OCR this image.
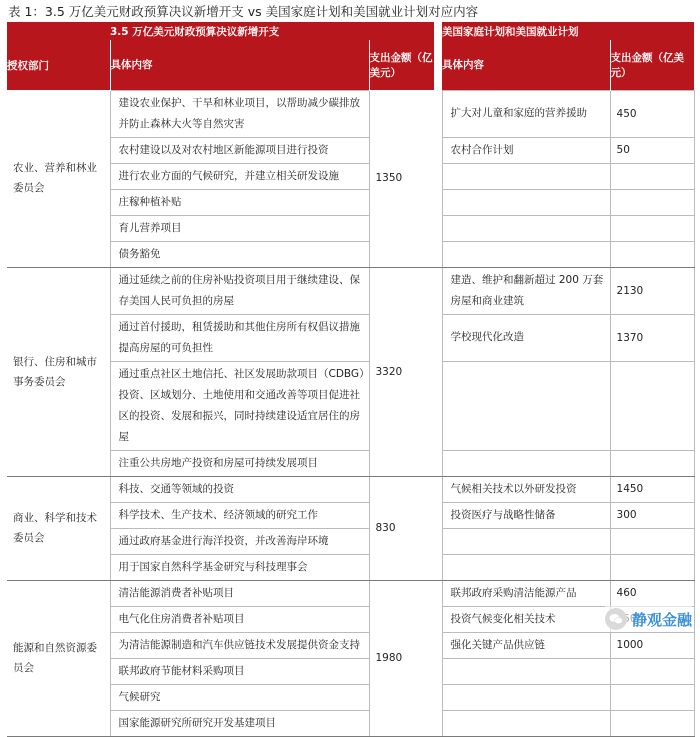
表 1：3.5 万亿美元财政预算决议新增开支 vs 美国家庭计划和美国就业计划对应内容
	3.5 万亿美元财政预算决议新增开支			美国家庭计划和美国就业计划	
授权部门	具体内容	支出金额（亿美元）		具体内容	支出金额（亿美元）
农业、营养和林业委员会	建设农业保护、干旱和林业项目，以帮助减少碳排放并防止森林大火等自然灾害	1350		扩大对儿童和家庭的营养援助	450
	农村建设以及对农村地区新能源项目进行投资			农村合作计划	50
	进行农业方面的气候研究，并建立相关研发设施				
	庄稼种植补贴				
	育儿营养项目				
	债务豁免				
银行、住房和城市事务委员会	通过延续之前的住房补贴投资项目用于继续建设、保存美国人民可负担的房屋	3320		建造、维护和翻新超过 200 万套房屋和商业建筑	2130
	通过首付援助，租赁援助和其他住房所有权倡议措施提高房屋的可负担性			学校现代化改造	1370
	通过重点社区土地信托、社区发展助款项目（CDBG）投资、区域划分、土地使用和交通改善等项目促进社区的投资、发展和振兴，同时持续建设适宜居住的房屋				
	注重公共房地产投资和房屋可持续发展项目				
商业、科学和技术委员会	科技、交通等领域的投资	830		气候相关技术以外研发投资	1450
	科学技术、生产技术、经济领域的研究工作			投资医疗与战略性储备	300
	通过政府基金进行海洋投资，并改善海岸环境				
	用于国家自然科学基金研究与科技理事会				
能源和自然资源委员会	清洁能源消费者补贴项目	1980		联邦政府采购清洁能源产品	460
	电气化住房消费者补贴项目			投资气候变化相关技术	
	为清洁能源制造和汽车供应链技术发展提供资金支持			强化关键产品供应链	1000
	联邦政府节能材料采购项目				
	气候研究				
	国家能源研究所研究开发基建项目				
静观金融
